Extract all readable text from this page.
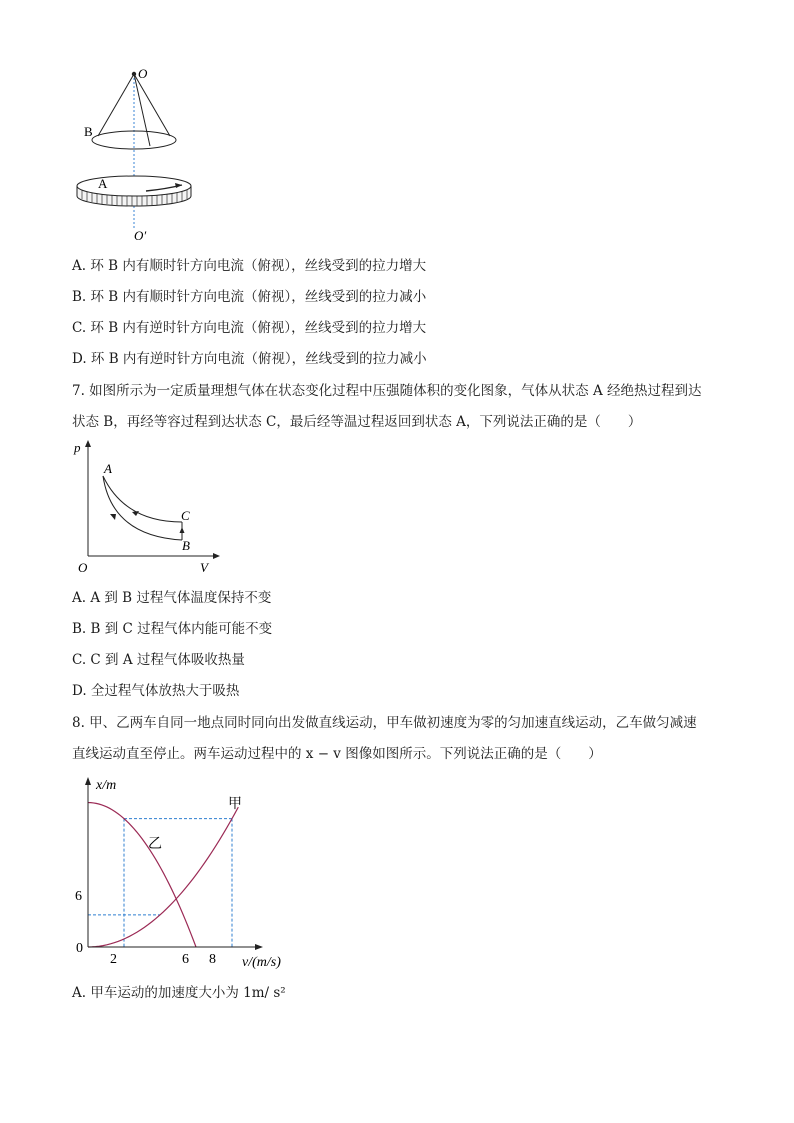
O
B
A
O′
A. 环 B 内有顺时针方向电流（俯视），丝线受到的拉力增大
B. 环 B 内有顺时针方向电流（俯视），丝线受到的拉力减小
C. 环 B 内有逆时针方向电流（俯视），丝线受到的拉力增大
D. 环 B 内有逆时针方向电流（俯视），丝线受到的拉力减小
7. 如图所示为一定质量理想气体在状态变化过程中压强随体积的变化图象，气体从状态 A 经绝热过程到达
状态 B，再经等容过程到达状态 C，最后经等温过程返回到状态 A，下列说法正确的是（　　）
p
V
O
A
C
B
A. A 到 B 过程气体温度保持不变
B. B 到 C 过程气体内能可能不变
C. C 到 A 过程气体吸收热量
D. 全过程气体放热大于吸热
8. 甲、乙两车自同一地点同时同向出发做直线运动，甲车做初速度为零的匀加速直线运动，乙车做匀减速
直线运动直至停止。两车运动过程中的 x − v 图像如图所示。下列说法正确的是（　　）
x/m
v/(m/s)
2	6 8
0
6
甲
乙
A. 甲车运动的加速度大小为 1m/ s²
